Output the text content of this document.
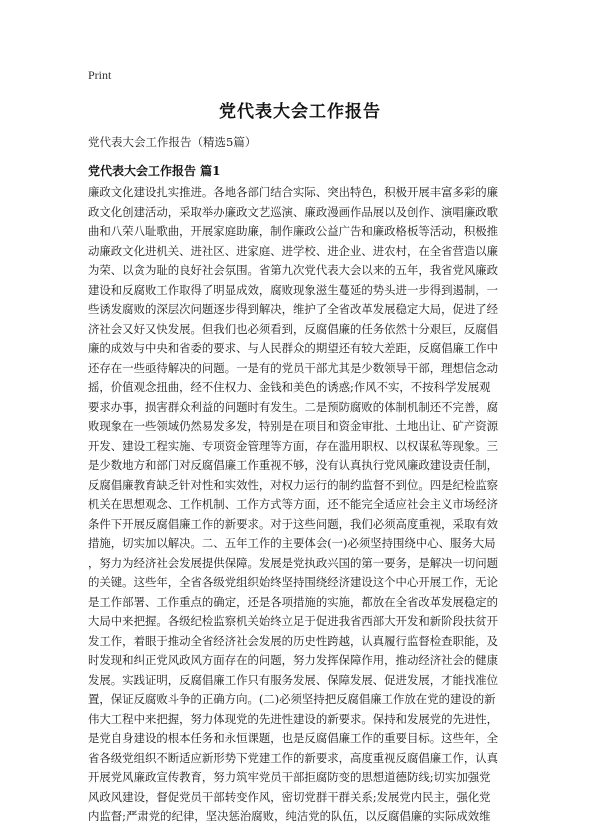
Print
党代表大会工作报告
党代表大会工作报告（精选5篇）
党代表大会工作报告 篇1
廉政文化建设扎实推进。各地各部门结合实际、突出特色，积极开展丰富多彩的廉
政文化创建活动，采取举办廉政文艺巡演、廉政漫画作品展以及创作、演唱廉政歌
曲和八荣八耻歌曲，开展家庭助廉，制作廉政公益广告和廉政格板等活动，积极推
动廉政文化进机关、进社区、进家庭、进学校、进企业、进农村，在全省营造以廉
为荣、以贪为耻的良好社会氛围。省第九次党代表大会以来的五年，我省党风廉政
建设和反腐败工作取得了明显成效，腐败现象滋生蔓延的势头进一步得到遏制，一
些诱发腐败的深层次问题逐步得到解决，维护了全省改革发展稳定大局，促进了经
济社会又好又快发展。但我们也必须看到，反腐倡廉的任务依然十分艰巨，反腐倡
廉的成效与中央和省委的要求、与人民群众的期望还有较大差距，反腐倡廉工作中
还存在一些亟待解决的问题。一是有的党员干部尤其是少数领导干部，理想信念动
摇，价值观念扭曲，经不住权力、金钱和美色的诱惑;作风不实，不按科学发展观
要求办事，损害群众利益的问题时有发生。二是预防腐败的体制机制还不完善，腐
败现象在一些领域仍然易发多发，特别是在项目和资金审批、土地出让、矿产资源
开发、建设工程实施、专项资金管理等方面，存在滥用职权、以权谋私等现象。三
是少数地方和部门对反腐倡廉工作重视不够，没有认真执行党风廉政建设责任制，
反腐倡廉教育缺乏针对性和实效性，对权力运行的制约监督不到位。四是纪检监察
机关在思想观念、工作机制、工作方式等方面，还不能完全适应社会主义市场经济
条件下开展反腐倡廉工作的新要求。对于这些问题，我们必须高度重视，采取有效
措施，切实加以解决。二、五年工作的主要体会(一)必须坚持围绕中心、服务大局
，努力为经济社会发展提供保障。发展是党执政兴国的第一要务，是解决一切问题
的关键。这些年，全省各级党组织始终坚持围绕经济建设这个中心开展工作，无论
是工作部署、工作重点的确定，还是各项措施的实施，都放在全省改革发展稳定的
大局中来把握。各级纪检监察机关始终立足于促进我省西部大开发和新阶段扶贫开
发工作，着眼于推动全省经济社会发展的历史性跨越，认真履行监督检查职能，及
时发现和纠正党风政风方面存在的问题，努力发挥保障作用，推动经济社会的健康
发展。实践证明，反腐倡廉工作只有服务发展、保障发展、促进发展，才能找准位
置，保证反腐败斗争的正确方向。(二)必须坚持把反腐倡廉工作放在党的建设的新
伟大工程中来把握，努力体现党的先进性建设的新要求。保持和发展党的先进性，
是党自身建设的根本任务和永恒课题，也是反腐倡廉工作的重要目标。这些年，全
省各级党组织不断适应新形势下党建工作的新要求，高度重视反腐倡廉工作，认真
开展党风廉政宣传教育，努力筑牢党员干部拒腐防变的思想道德防线;切实加强党
风政风建设，督促党员干部转变作风，密切党群干群关系;发展党内民主，强化党
内监督;严肃党的纪律，坚决惩治腐败，纯洁党的队伍，以反腐倡廉的实际成效维
